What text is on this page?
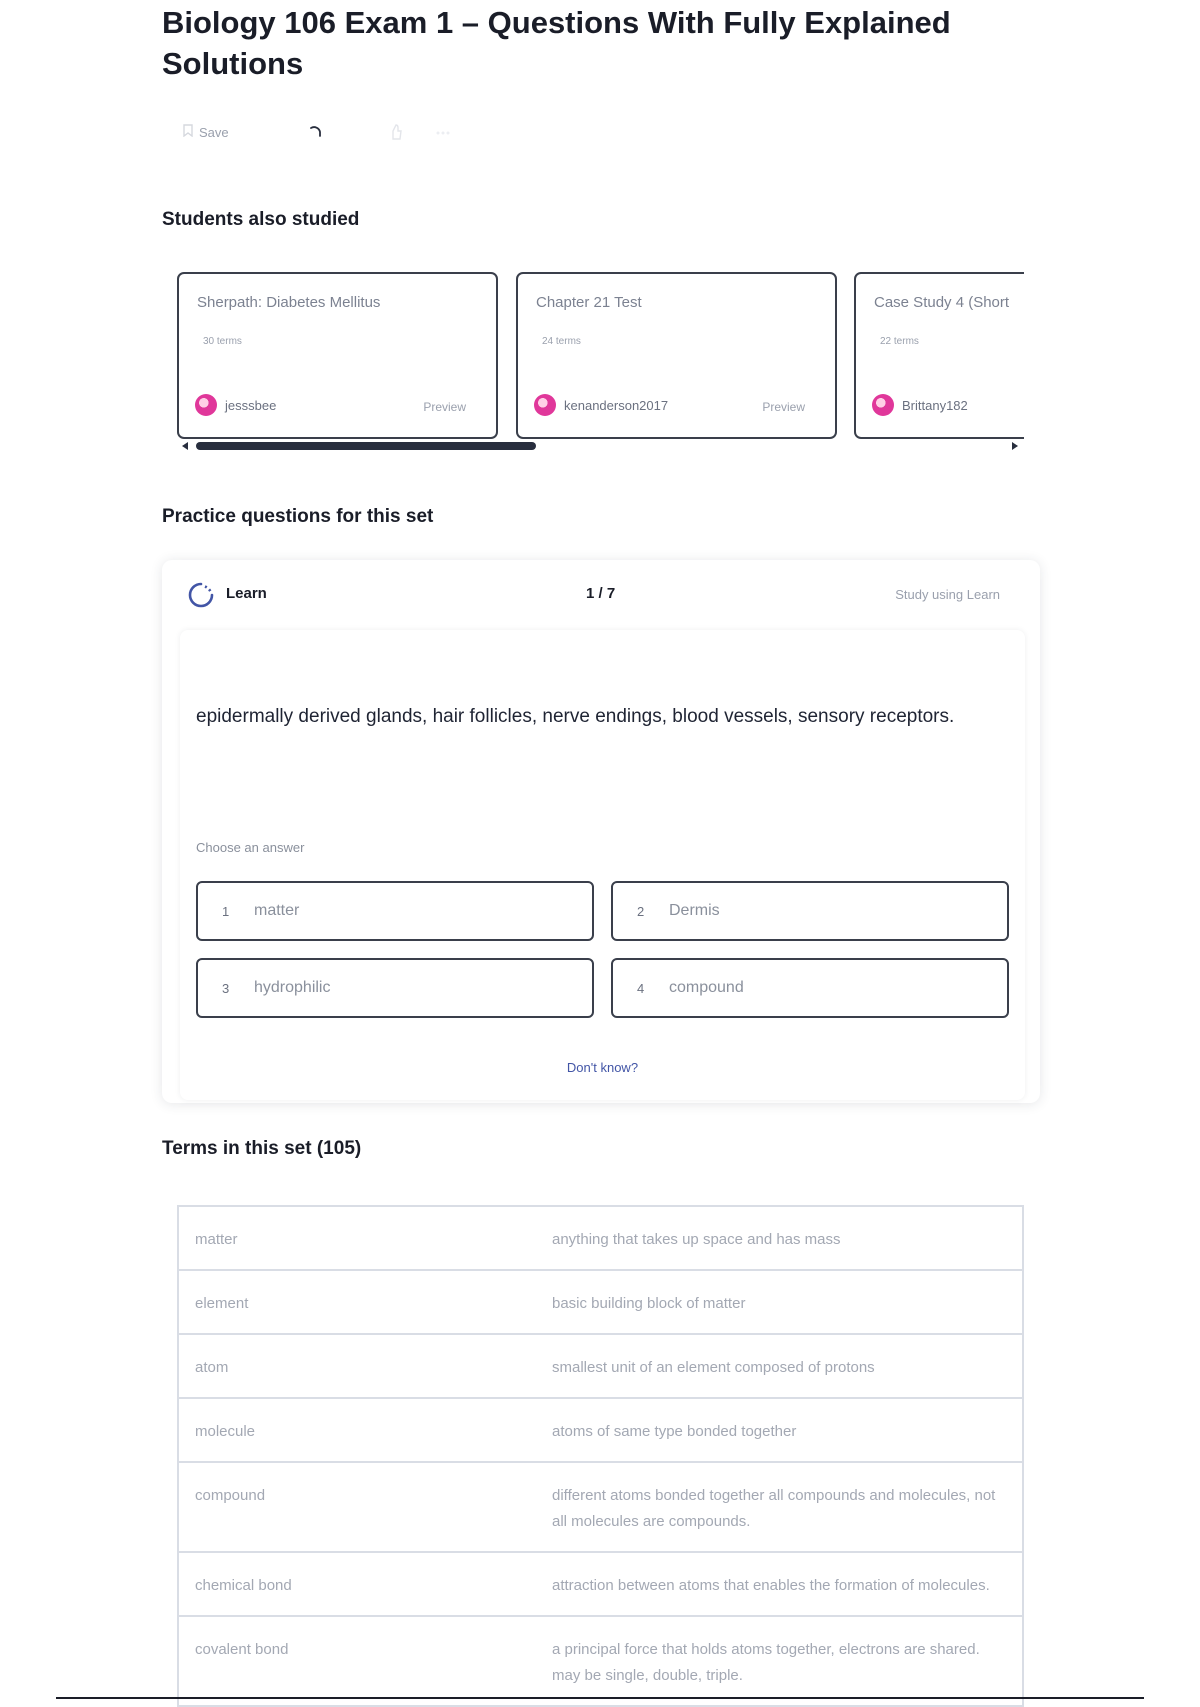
Biology 106 Exam 1 – Questions With Fully Explained Solutions
Save
Students also studied
Sherpath: Diabetes Mellitus
30 terms
jesssbee	Preview
Chapter 21 Test
24 terms
kenanderson2017	Preview
Case Study 4 (Short
22 terms
Brittany182
Practice questions for this set
Learn	1 / 7	Study using Learn

epidermally derived glands, hair follicles, nerve endings, blood vessels, sensory receptors.

Choose an answer
1 matter	2 Dermis
3 hydrophilic	4 compound
Don't know?
Terms in this set (105)
matter	anything that takes up space and has mass
element	basic building block of matter
atom	smallest unit of an element composed of protons
molecule	atoms of same type bonded together
compound	different atoms bonded together all compounds and molecules, not all molecules are compounds.
chemical bond	attraction between atoms that enables the formation of molecules.
covalent bond	a principal force that holds atoms together, electrons are shared. may be single, double, triple.
